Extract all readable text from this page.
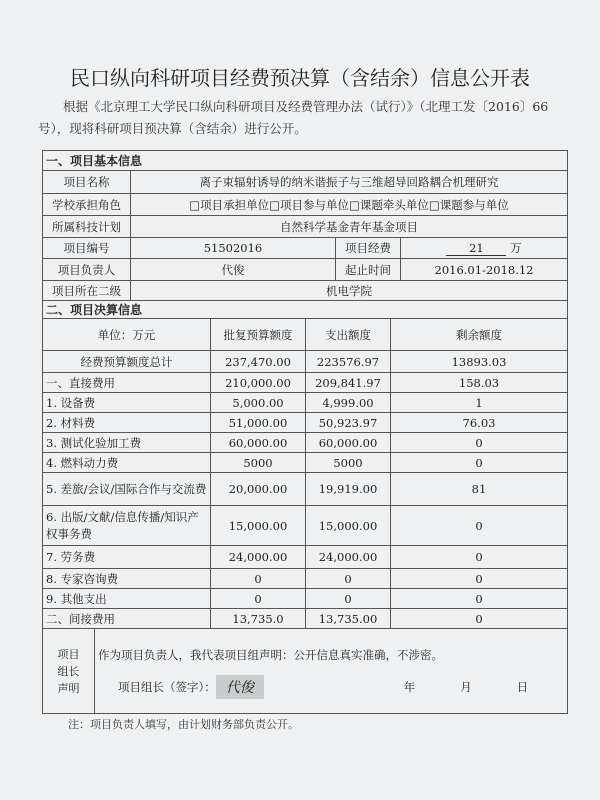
民口纵向科研项目经费预决算（含结余）信息公开表
根据《北京理工大学民口纵向科研项目及经费管理办法（试行）》（北理工发〔2016〕66号），现将科研项目预决算（含结余）进行公开。
一、项目基本信息			
项目名称	离子束辐射诱导的纳米谐振子与三维超导回路耦合机理研究		
学校承担角色	□项目承担单位□项目参与单位□课题牵头单位□课题参与单位		
所属科技计划	自然科学基金青年基金项目		
项目编号	51502016	项目经费	21 万
项目负责人	代俊	起止时间	2016.01-2018.12
项目所在二级	机电学院		
二、项目决算信息			
单位：万元	批复预算额度	支出额度	剩余额度
经费预算额度总计	237,470.00	223576.97	13893.03
一、直接费用	210,000.00	209,841.97	158.03
1. 设备费	5,000.00	4,999.00	1
2. 材料费	51,000.00	50,923.97	76.03
3. 测试化验加工费	60,000.00	60,000.00	0
4. 燃料动力费	5000	5000	0
5. 差旅/会议/国际合作与交流费	20,000.00	19,919.00	81
6. 出版/文献/信息传播/知识产权事务费	15,000.00	15,000.00	0
7. 劳务费	24,000.00	24,000.00	0
8. 专家咨询费	0	0	0
9. 其他支出	0	0	0
二、间接费用	13,735.0	13,735.00	0
项目组长声明	
作为项目负责人，我代表项目组声明：公开信息真实准确，不涉密。
项目组长（签字）： 代俊	年	月	日
注：项目负责人填写，由计划财务部负责公开。
